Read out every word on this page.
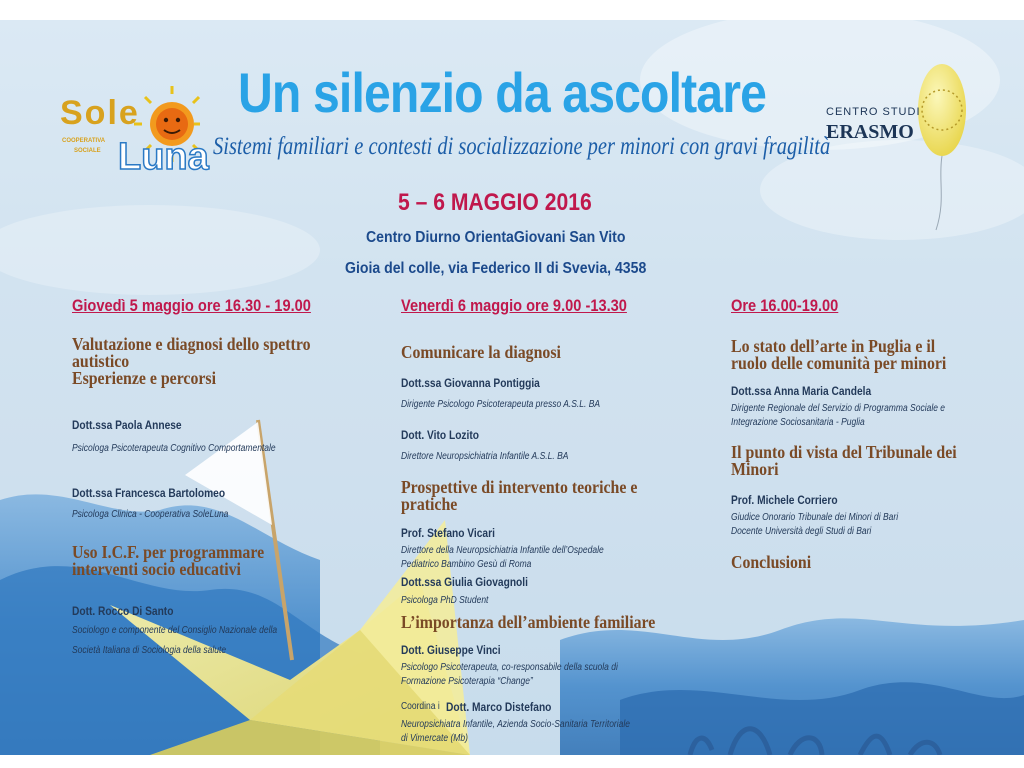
Sole
Luna
COOPERATIVA
SOCIALE
CENTRO STUDI
ERASMO
Un silenzio da ascoltare
Sistemi familiari e contesti di socializzazione per minori con gravi fragilità
5 – 6 MAGGIO 2016
Centro Diurno OrientaGiovani San Vito
Gioia del colle, via Federico II di Svevia, 4358
Giovedì 5 maggio ore 16.30 - 19.00
Valutazione e diagnosi dello spettro autistico
Esperienze e percorsi
Dott.ssa Paola Annese
Psicologa Psicoterapeuta Cognitivo Comportamentale
Dott.ssa Francesca Bartolomeo
Psicologa Clinica - Cooperativa SoleLuna
Uso I.C.F. per programmare interventi socio educativi
Dott. Rocco Di Santo
Sociologo e componente del Consiglio Nazionale della
Società Italiana di Sociologia della salute
Venerdì 6 maggio ore 9.00 -13.30
Comunicare la diagnosi
Dott.ssa Giovanna Pontiggia
Dirigente Psicologo Psicoterapeuta presso A.S.L. BA
Dott. Vito Lozito
Direttore Neuropsichiatria Infantile A.S.L. BA
Prospettive di intervento teoriche e pratiche
Prof. Stefano Vicari
Direttore della Neuropsichiatria Infantile dell’Ospedale
Pediatrico Bambino Gesù di Roma
Dott.ssa Giulia Giovagnoli
Psicologa PhD Student
L’importanza dell’ambiente familiare
Dott. Giuseppe Vinci
Psicologo Psicoterapeuta, co-responsabile della scuola di
Formazione Psicoterapia “Change”
Coordina i Dott. Marco Distefano
Neuropsichiatra Infantile, Azienda Socio-Sanitaria Territoriale
di Vimercate (Mb)
Ore 16.00-19.00
Lo stato dell’arte in Puglia e il ruolo delle comunità per minori
Dott.ssa Anna Maria Candela
Dirigente Regionale del Servizio di Programma Sociale e
Integrazione Sociosanitaria - Puglia
Il punto di vista del Tribunale dei Minori
Prof. Michele Corriero
Giudice Onorario Tribunale dei Minori di Bari
Docente Università degli Studi di Bari
Conclusioni
